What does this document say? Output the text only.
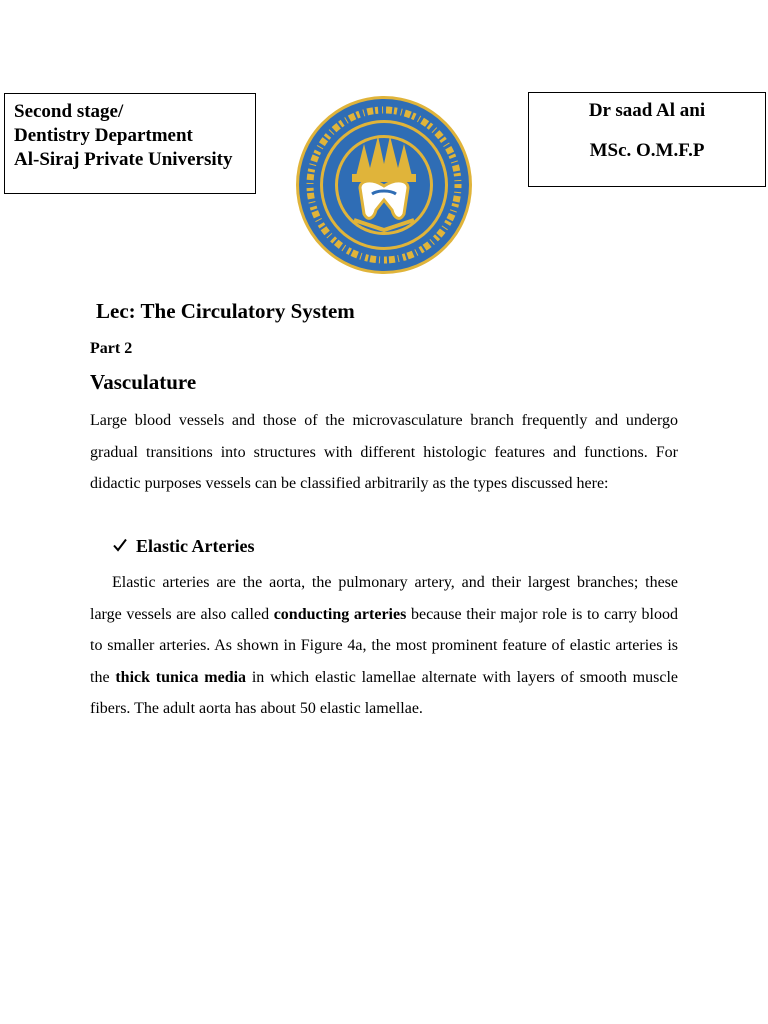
Second stage/
Dentistry Department
Al-Siraj Private University
Dr saad Al ani
MSc. O.M.F.P
Lec: The Circulatory System
Part 2
Vasculature

Large blood vessels and those of the microvasculature branch frequently and undergo gradual transitions into structures with different histologic features and functions. For didactic purposes vessels can be classified arbitrarily as the types discussed here:

Elastic Arteries

Elastic arteries are the aorta, the pulmonary artery, and their largest branches; these large vessels are also called conducting arteries because their major role is to carry blood to smaller arteries. As shown in Figure 4a, the most prominent feature of elastic arteries is the thick tunica media in which elastic lamellae alternate with layers of smooth muscle fibers. The adult aorta has about 50 elastic lamellae.
